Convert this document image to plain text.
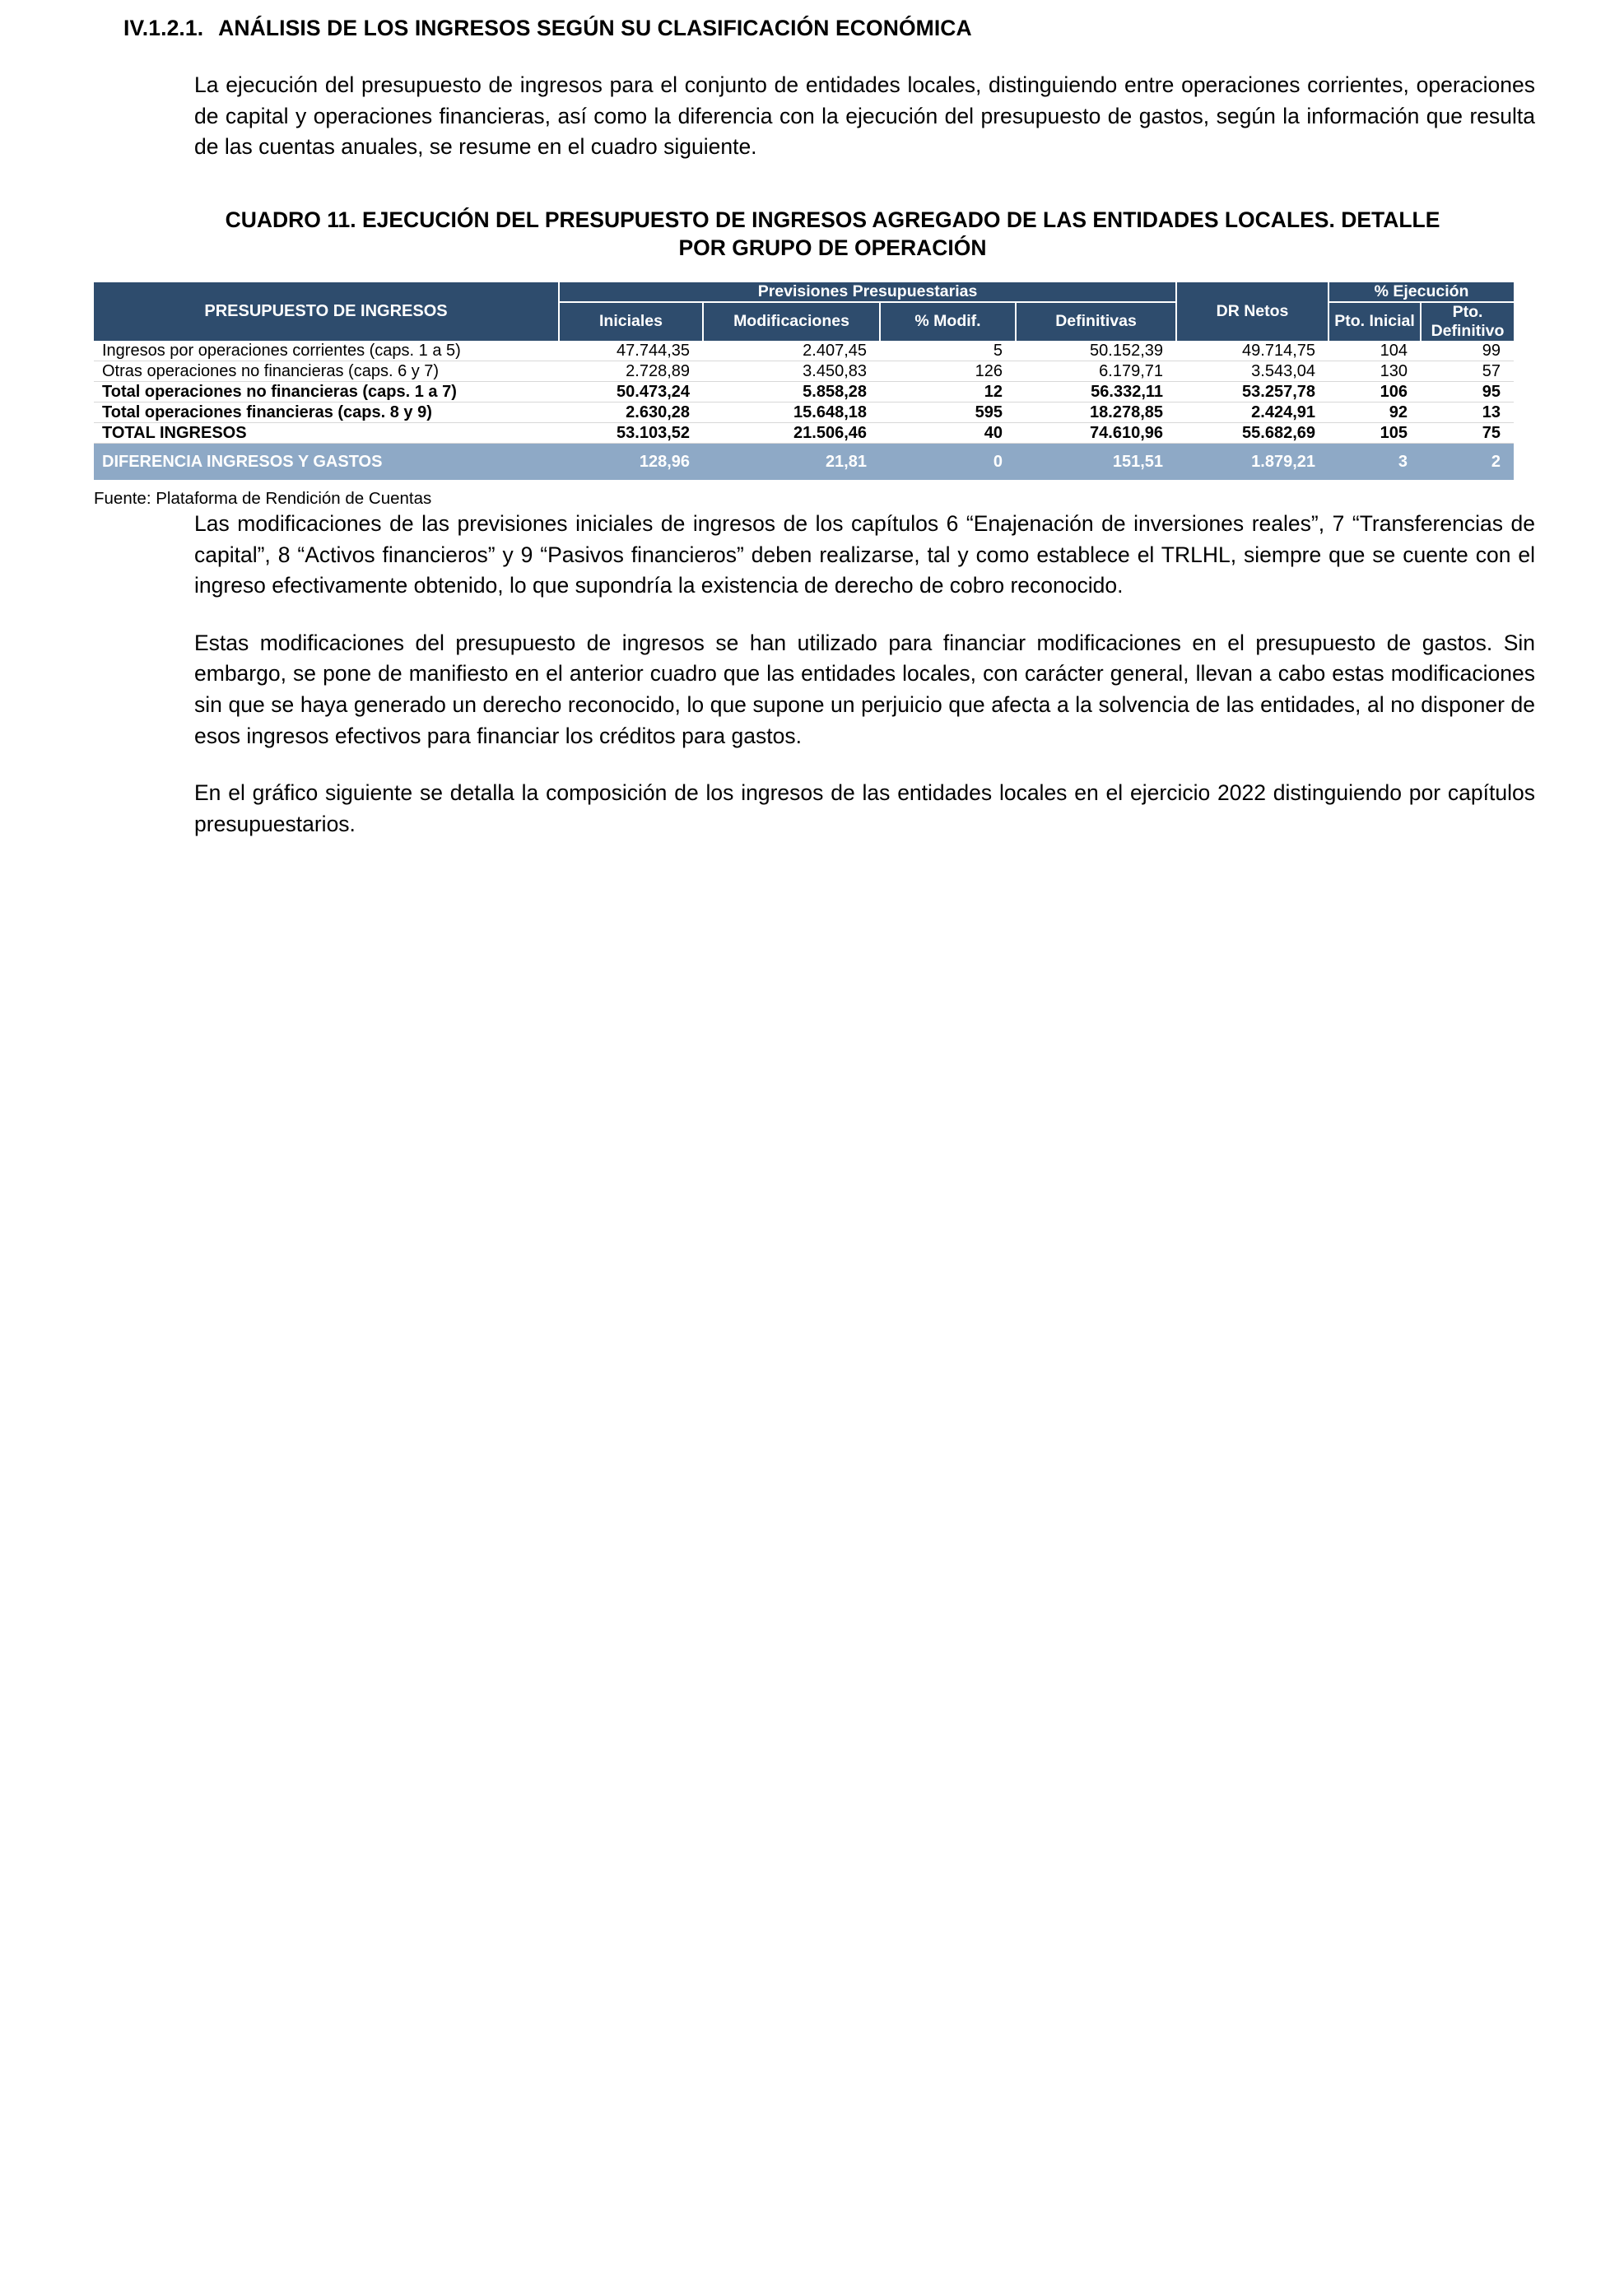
IV.1.2.1. ANÁLISIS DE LOS INGRESOS SEGÚN SU CLASIFICACIÓN ECONÓMICA

La ejecución del presupuesto de ingresos para el conjunto de entidades locales, distinguiendo entre operaciones corrientes, operaciones de capital y operaciones financieras, así como la diferencia con la ejecución del presupuesto de gastos, según la información que resulta de las cuentas anuales, se resume en el cuadro siguiente.

CUADRO 11. EJECUCIÓN DEL PRESUPUESTO DE INGRESOS AGREGADO DE LAS ENTIDADES LOCALES. DETALLE POR GRUPO DE OPERACIÓN
PRESUPUESTO DE INGRESOS	Previsiones Presupuestarias				DR Netos	% Ejecución	
	Iniciales	Modificaciones	% Modif.	Definitivas		Pto. Inicial	Pto. Definitivo
Ingresos por operaciones corrientes (caps. 1 a 5)	47.744,35	2.407,45	5	50.152,39	49.714,75	104	99
Otras operaciones no financieras (caps. 6 y 7)	2.728,89	3.450,83	126	6.179,71	3.543,04	130	57
Total operaciones no financieras (caps. 1 a 7)	50.473,24	5.858,28	12	56.332,11	53.257,78	106	95
Total operaciones financieras (caps. 8 y 9)	2.630,28	15.648,18	595	18.278,85	2.424,91	92	13
TOTAL INGRESOS	53.103,52	21.506,46	40	74.610,96	55.682,69	105	75
DIFERENCIA INGRESOS Y GASTOS	128,96	21,81	0	151,51	1.879,21	3	2
Fuente: Plataforma de Rendición de Cuentas

Las modificaciones de las previsiones iniciales de ingresos de los capítulos 6 “Enajenación de inversiones reales”, 7 “Transferencias de capital”, 8 “Activos financieros” y 9 “Pasivos financieros” deben realizarse, tal y como establece el TRLHL, siempre que se cuente con el ingreso efectivamente obtenido, lo que supondría la existencia de derecho de cobro reconocido.

Estas modificaciones del presupuesto de ingresos se han utilizado para financiar modificaciones en el presupuesto de gastos. Sin embargo, se pone de manifiesto en el anterior cuadro que las entidades locales, con carácter general, llevan a cabo estas modificaciones sin que se haya generado un derecho reconocido, lo que supone un perjuicio que afecta a la solvencia de las entidades, al no disponer de esos ingresos efectivos para financiar los créditos para gastos.

En el gráfico siguiente se detalla la composición de los ingresos de las entidades locales en el ejercicio 2022 distinguiendo por capítulos presupuestarios.
